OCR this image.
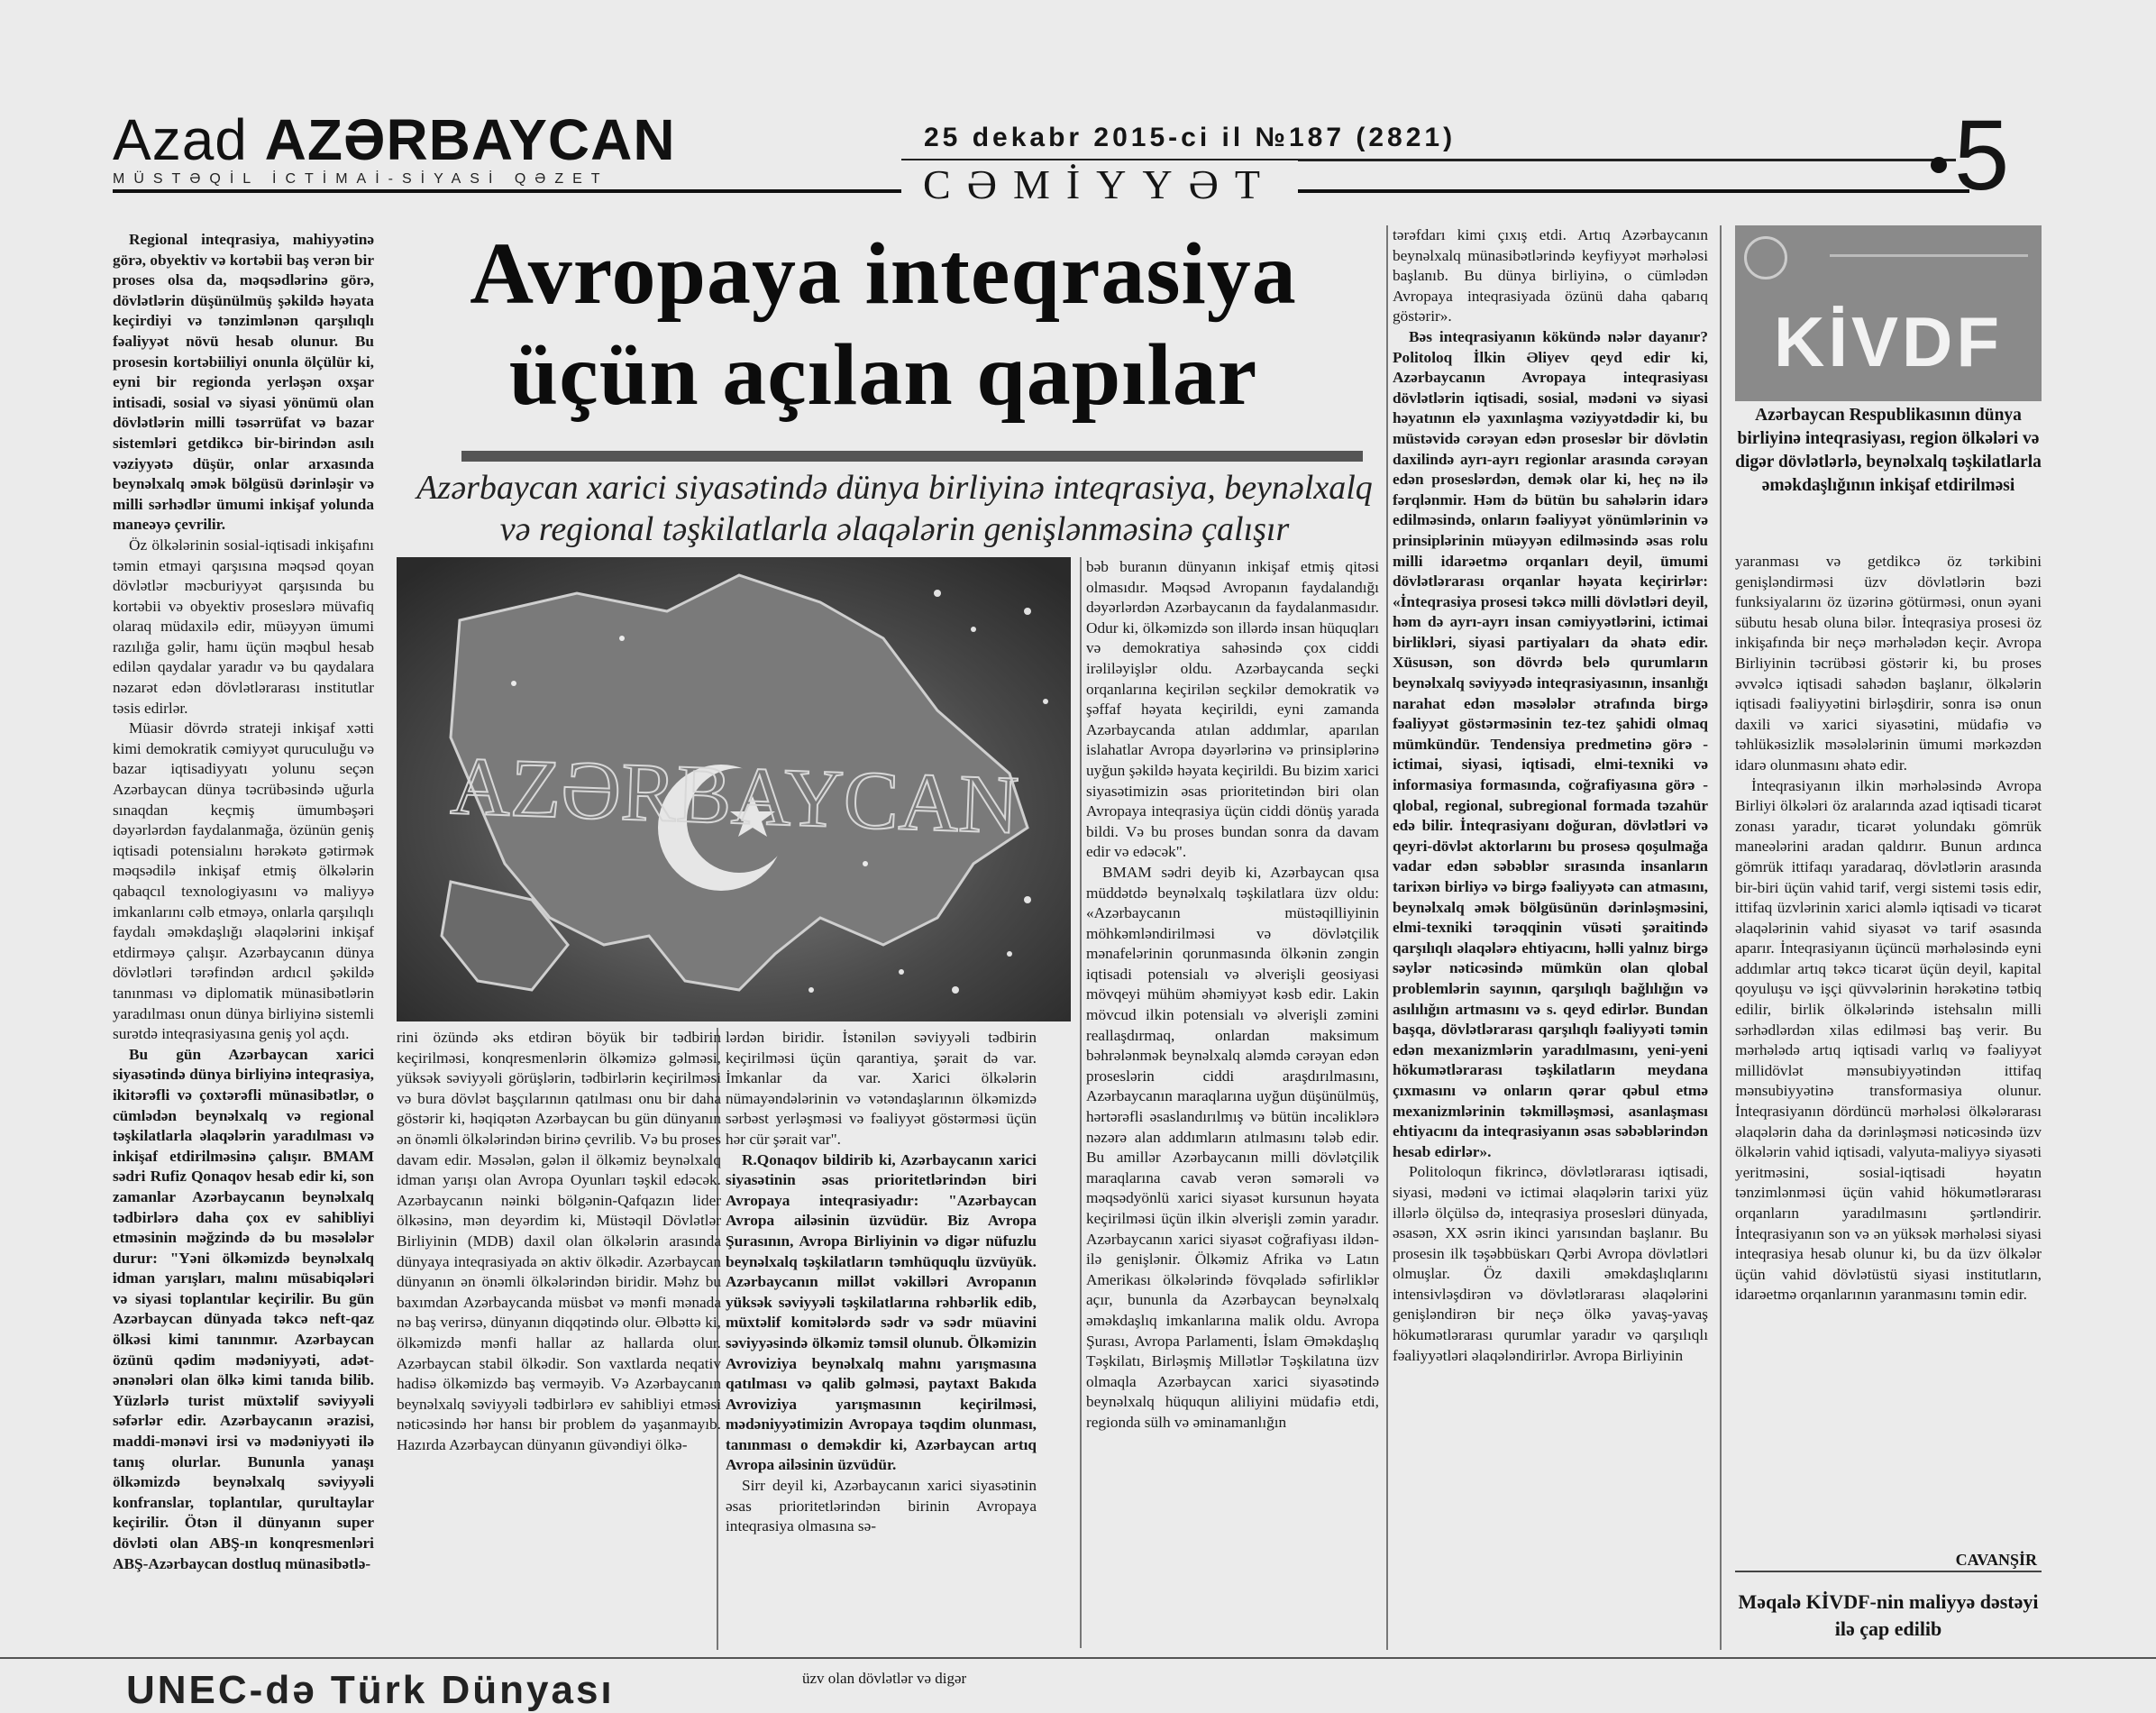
Azad AZƏRBAYCAN
MÜSTƏQİL İCTİMAİ-SİYASİ QƏZET
25 dekabr 2015-ci il №187 (2821)
CƏMİYYƏT	5
Avropaya inteqrasiya üçün açılan qapılar
Azərbaycan xarici siyasətində dünya birliyinə inteqrasiya, beynəlxalq və regional təşkilatlarla əlaqələrin genişlənməsinə çalışır

Regional inteqrasiya, mahiyyətinə görə, obyektiv və kortəbii baş verən bir proses olsa da, məqsədlərinə görə, dövlətlərin düşünülmüş şəkildə həyata keçirdiyi və tənzimlənən qarşılıqlı fəaliyyət növü hesab olunur. Bu prosesin kortəbiiliyi onunla ölçülür ki, eyni bir regionda yerləşən oxşar intisadi, sosial və siyasi yönümü olan dövlətlərin milli təsərrüfat və bazar sistemləri getdikcə bir-birindən asılı vəziyyətə düşür, onlar arxasında beynəlxalq əmək bölgüsü dərinləşir və milli sərhədlər ümumi inkişaf yolunda maneəyə çevrilir.

Öz ölkələrinin sosial-iqtisadi inkişafını təmin etmayi qarşısına məqsəd qoyan dövlətlər məcburiyyət qarşısında bu kortəbii və obyektiv proseslərə müvafiq olaraq müdaxilə edir, müəyyən ümumi razılığa gəlir, hamı üçün məqbul hesab edilən qaydalar yaradır və bu qaydalara nəzarət edən dövlətlərarası institutlar təsis edirlər.

Müasir dövrdə strateji inkişaf xətti kimi demokratik cəmiyyət quruculuğu və bazar iqtisadiyyatı yolunu seçən Azərbaycan dünya təcrübəsində uğurla sınaqdan keçmiş ümumbəşəri dəyərlərdən faydalanmağa, özünün geniş iqtisadi potensialını hərəkətə gətirmək məqsədilə inkişaf etmiş ölkələrin qabaqcıl texnologiyasını və maliyyə imkanlarını cəlb etməyə, onlarla qarşılıqlı faydalı əməkdaşlığı əlaqələrini inkişaf etdirməyə çalışır. Azərbaycanın dünya dövlətləri tərəfindən ardıcıl şəkildə tanınması və diplomatik münasibətlərin yaradılması onun dünya birliyinə sistemli surətdə inteqrasiyasına geniş yol açdı.

Bu gün Azərbaycan xarici siyasətində dünya birliyinə inteqrasiya, ikitərəfli və çoxtərəfli münasibətlər, o cümlədən beynəlxalq və regional təşkilatlarla əlaqələrin yaradılması və inkişaf etdirilməsinə çalışır. BMAM sədri Rufiz Qonaqov hesab edir ki, son zamanlar Azərbaycanın beynəlxalq tədbirlərə daha çox ev sahibliyi etməsinin məğzində də bu məsələlər durur: "Yəni ölkəmizdə beynəlxalq idman yarışları, malını müsabiqələri və siyasi toplantılar keçirilir. Bu gün Azərbaycan dünyada təkcə neft-qaz ölkəsi kimi tanınmır. Azərbaycan özünü qədim mədəniyyəti, adət-ənənələri olan ölkə kimi tanıda bilib. Yüzlərlə turist müxtəlif səviyyəli səfərlər edir. Azərbaycanın ərazisi, maddi-mənəvi irsi və mədəniyyəti ilə tanış olurlar. Bununla yanaşı ölkəmizdə beynəlxalq səviyyəli konfranslar, toplantılar, qurultaylar keçirilir. Ötən il dünyanın super dövləti olan ABŞ-ın konqresmenləri ABŞ-Azərbaycan dostluq münasibətlə-

AZƏRBAYCAN

rini özündə əks etdirən böyük bir tədbirin keçirilməsi, konqresmenlərin ölkəmizə gəlməsi, yüksək səviyyəli görüşlərin, tədbirlərin keçirilməsi və bura dövlət başçılarının qatılması onu bir daha göstərir ki, həqiqətən Azərbaycan bu gün dünyanın ən önəmli ölkələrindən birinə çevrilib. Və bu proses davam edir. Məsələn, gələn il ölkəmiz beynəlxalq idman yarışı olan Avropa Oyunları təşkil edəcək. Azərbaycanın nəinki bölgənin-Qafqazın lider ölkəsinə, mən deyərdim ki, Müstəqil Dövlətlər Birliyinin (MDB) daxil olan ölkələrin arasında dünyaya inteqrasiyada ən aktiv ölkədir. Azərbaycan dünyanın ən önəmli ölkələrindən biridir. Məhz bu baxımdan Azərbaycanda müsbət və mənfi mənada nə baş verirsə, dünyanın diqqətində olur. Əlbəttə ki, ölkəmizdə mənfi hallar az hallarda olur. Azərbaycan stabil ölkədir. Son vaxtlarda neqativ hadisə ölkəmizdə baş verməyib. Və Azərbaycanın beynəlxalq səviyyəli tədbirlərə ev sahibliyi etməsi nəticəsində hər hansı bir problem də yaşanmayıb. Hazırda Azərbaycan dünyanın güvəndiyi ölkə-

lərdən biridir. İstənilən səviyyəli tədbirin keçirilməsi üçün qarantiya, şərait də var. İmkanlar da var. Xarici ölkələrin nümayəndələrinin və vətəndaşlarının ölkəmizdə sərbəst yerləşməsi və fəaliyyət göstərməsi üçün hər cür şərait var".

R.Qonaqov bildirib ki, Azərbaycanın xarici siyasətinin əsas prioritetlərindən biri Avropaya inteqrasiyadır: "Azərbaycan Avropa ailəsinin üzvüdür. Biz Avropa Şurasının, Avropa Birliyinin və digər nüfuzlu beynəlxalq təşkilatların təmhüquqlu üzvüyük. Azərbaycanın millət vəkilləri Avropanın yüksək səviyyəli təşkilatlarına rəhbərlik edib, müxtəlif komitələrdə sədr və sədr müavini səviyyəsində ölkəmiz təmsil olunub. Ölkəmizin Avroviziya beynəlxalq mahnı yarışmasına qatılması və qalib gəlməsi, paytaxt Bakıda Avroviziya yarışmasının keçirilməsi, mədəniyyətimizin Avropaya təqdim olunması, tanınması o deməkdir ki, Azərbaycan artıq Avropa ailəsinin üzvüdür.

Sirr deyil ki, Azərbaycanın xarici siyasətinin əsas prioritetlərindən birinin Avropaya inteqrasiya olmasına sə-

bəb buranın dünyanın inkişaf etmiş qitəsi olmasıdır. Məqsəd Avropanın faydalandığı dəyərlərdən Azərbaycanın da faydalanmasıdır. Odur ki, ölkəmizdə son illərdə insan hüquqları və demokratiya sahəsində çox ciddi irəliləyişlər oldu. Azərbaycanda seçki orqanlarına keçirilən seçkilər demokratik və şəffaf həyata keçirildi, eyni zamanda Azərbaycanda atılan addımlar, aparılan islahatlar Avropa dəyərlərinə və prinsiplərinə uyğun şəkildə həyata keçirildi. Bu bizim xarici siyasətimizin əsas prioritetindən biri olan Avropaya inteqrasiya üçün ciddi dönüş yarada bildi. Və bu proses bundan sonra da davam edir və edəcək".

BMAM sədri deyib ki, Azərbaycan qısa müddətdə beynəlxalq təşkilatlara üzv oldu: «Azərbaycanın müstəqilliyinin möhkəmləndirilməsi və dövlətçilik mənafelərinin qorunmasında ölkənin zəngin iqtisadi potensialı və əlverişli geosiyasi mövqeyi mühüm əhəmiyyət kəsb edir. Lakin mövcud ilkin potensialı və əlverişli zəmini reallaşdırmaq, onlardan maksimum bəhrələnmək beynəlxalq aləmdə cərəyan edən proseslərin ciddi araşdırılmasını, Azərbaycanın maraqlarına uyğun düşünülmüş, hərtərəfli əsaslandırılmış və bütün incəliklərə nəzərə alan addımların atılmasını tələb edir. Bu amillər Azərbaycanın milli dövlətçilik maraqlarına cavab verən səmərəli və məqsədyönlü xarici siyasət kursunun həyata keçirilməsi üçün ilkin əlverişli zəmin yaradır. Azərbaycanın xarici siyasət coğrafiyası ildən-ilə genişlənir. Ölkəmiz Afrika və Latın Amerikası ölkələrində fövqəladə səfirliklər açır, bununla da Azərbaycan beynəlxalq əməkdaşlıq imkanlarına malik oldu. Avropa Şurası, Avropa Parlamenti, İslam Əməkdaşlıq Təşkilatı, Birləşmiş Millətlər Təşkilatına üzv olmaqla Azərbaycan xarici siyasətində beynəlxalq hüququn aliliyini müdafiə etdi, regionda sülh və əminamanlığın

tərəfdarı kimi çıxış etdi. Artıq Azərbaycanın beynəlxalq münasibətlərində keyfiyyət mərhələsi başlanıb. Bu dünya birliyinə, o cümlədən Avropaya inteqrasiyada özünü daha qabarıq göstərir».

Bəs inteqrasiyanın kökündə nələr dayanır? Politoloq İlkin Əliyev qeyd edir ki, Azərbaycanın Avropaya inteqrasiyası dövlətlərin iqtisadi, sosial, mədəni və siyasi həyatının elə yaxınlaşma vəziyyətdədir ki, bu müstəvidə cərəyan edən proseslər bir dövlətin daxilində ayrı-ayrı regionlar arasında cərəyan edən proseslərdən, demək olar ki, heç nə ilə fərqlənmir. Həm də bütün bu sahələrin idarə edilməsində, onların fəaliyyət yönümlərinin və prinsiplərinin müəyyən edilməsində əsas rolu milli idarəetmə orqanları deyil, ümumi dövlətlərarası orqanlar həyata keçirirlər: «İnteqrasiya prosesi təkcə milli dövlətləri deyil, həm də ayrı-ayrı insan cəmiyyətlərini, ictimai birlikləri, siyasi partiyaları da əhatə edir. Xüsusən, son dövrdə belə qurumların beynəlxalq səviyyədə inteqrasiyasının, insanlığı narahat edən məsələlər ətrafında birgə fəaliyyət göstərməsinin tez-tez şahidi olmaq mümkündür. Tendensiya predmetinə görə - ictimai, siyasi, iqtisadi, elmi-texniki və informasiya formasında, coğrafiyasına görə - qlobal, regional, subregional formada təzahür edə bilir. İnteqrasiyanı doğuran, dövlətləri və qeyri-dövlət aktorlarını bu prosesə qoşulmağa vadar edən səbəblər sırasında insanların tarixən birliyə və birgə fəaliyyətə can atmasını, beynəlxalq əmək bölgüsünün dərinləşməsini, elmi-texniki tərəqqinin vüsəti şəraitində qarşılıqlı əlaqələrə ehtiyacını, həlli yalnız birgə səylər nəticəsində mümkün olan qlobal problemlərin sayının, qarşılıqlı bağlılığın və asılılığın artmasını və s. qeyd edirlər. Bundan başqa, dövlətlərarası qarşılıqlı fəaliyyəti təmin edən mexanizmlərin yaradılmasını, yeni-yeni hökumətlərarası təşkilatların meydana çıxmasını və onların qərar qəbul etmə mexanizmlərinin təkmilləşməsi, asanlaşması ehtiyacını da inteqrasiyanın əsas səbəblərindən hesab edirlər».

Politoloqun fikrincə, dövlətlərarası iqtisadi, siyasi, mədəni və ictimai əlaqələrin tarixi yüz illərlə ölçülsə də, inteqrasiya prosesləri dünyada, əsasən, XX əsrin ikinci yarısından başlanır. Bu prosesin ilk təşəbbüskarı Qərbi Avropa dövlətləri olmuşlar. Öz daxili əməkdaşlıqlarını intensivləşdirən və dövlətlərarası əlaqələrini genişləndirən bir neçə ölkə yavaş-yavaş hökumətlərarası qurumlar yaradır və qarşılıqlı fəaliyyətləri əlaqələndirirlər. Avropa Birliyinin

KİVDF
Azərbaycan Respublikasının dünya birliyinə inteqrasiyası, region ölkələri və digər dövlətlərlə, beynəlxalq təşkilatlarla əməkdaşlığının inkişaf etdirilməsi

yaranması və getdikcə öz tərkibini genişləndirməsi üzv dövlətlərin bəzi funksiyalarını öz üzərinə götürməsi, onun əyani sübutu hesab oluna bilər. İnteqrasiya prosesi öz inkişafında bir neçə mərhələdən keçir. Avropa Birliyinin təcrübəsi göstərir ki, bu proses əvvəlcə iqtisadi sahədən başlanır, ölkələrin iqtisadi fəaliyyətini birləşdirir, sonra isə onun daxili və xarici siyasətini, müdafiə və təhlükəsizlik məsələlərinin ümumi mərkəzdən idarə olunmasını əhatə edir.

İnteqrasiyanın ilkin mərhələsində Avropa Birliyi ölkələri öz aralarında azad iqtisadi ticarət zonası yaradır, ticarət yolundakı gömrük maneələrini aradan qaldırır. Bunun ardınca gömrük ittifaqı yaradaraq, dövlətlərin arasında bir-biri üçün vahid tarif, vergi sistemi təsis edir, ittifaq üzvlərinin xarici aləmlə iqtisadi və ticarət əlaqələrinin vahid siyasət və tarif əsasında aparır. İnteqrasiyanın üçüncü mərhələsində eyni addımlar artıq təkcə ticarət üçün deyil, kapital qoyuluşu və işçi qüvvələrinin hərəkətinə tətbiq edilir, birlik ölkələrində istehsalın milli sərhədlərdən xilas edilməsi baş verir. Bu mərhələdə artıq iqtisadi varlıq və fəaliyyət millidövlət mənsubiyyətindən ittifaq mənsubiyyətinə transformasiya olunur. İnteqrasiyanın dördüncü mərhələsi ölkələrarası əlaqələrin daha da dərinləşməsi nəticəsində üzv ölkələrin vahid iqtisadi, valyuta-maliyyə siyasəti yeritməsini, sosial-iqtisadi həyatın tənzimlənməsi üçün vahid hökumətlərarası orqanların yaradılmasını şərtləndirir. İnteqrasiyanın son və ən yüksək mərhələsi siyasi inteqrasiya hesab olunur ki, bu da üzv ölkələr üçün vahid dövlətüstü siyasi institutların, idarəetmə orqanlarının yaranmasını təmin edir.

CAVANŞİR
Məqalə KİVDF-nin maliyyə dəstəyi ilə çap edilib
UNEC-də Türk Dünyası	üzv olan dövlətlər və digər
